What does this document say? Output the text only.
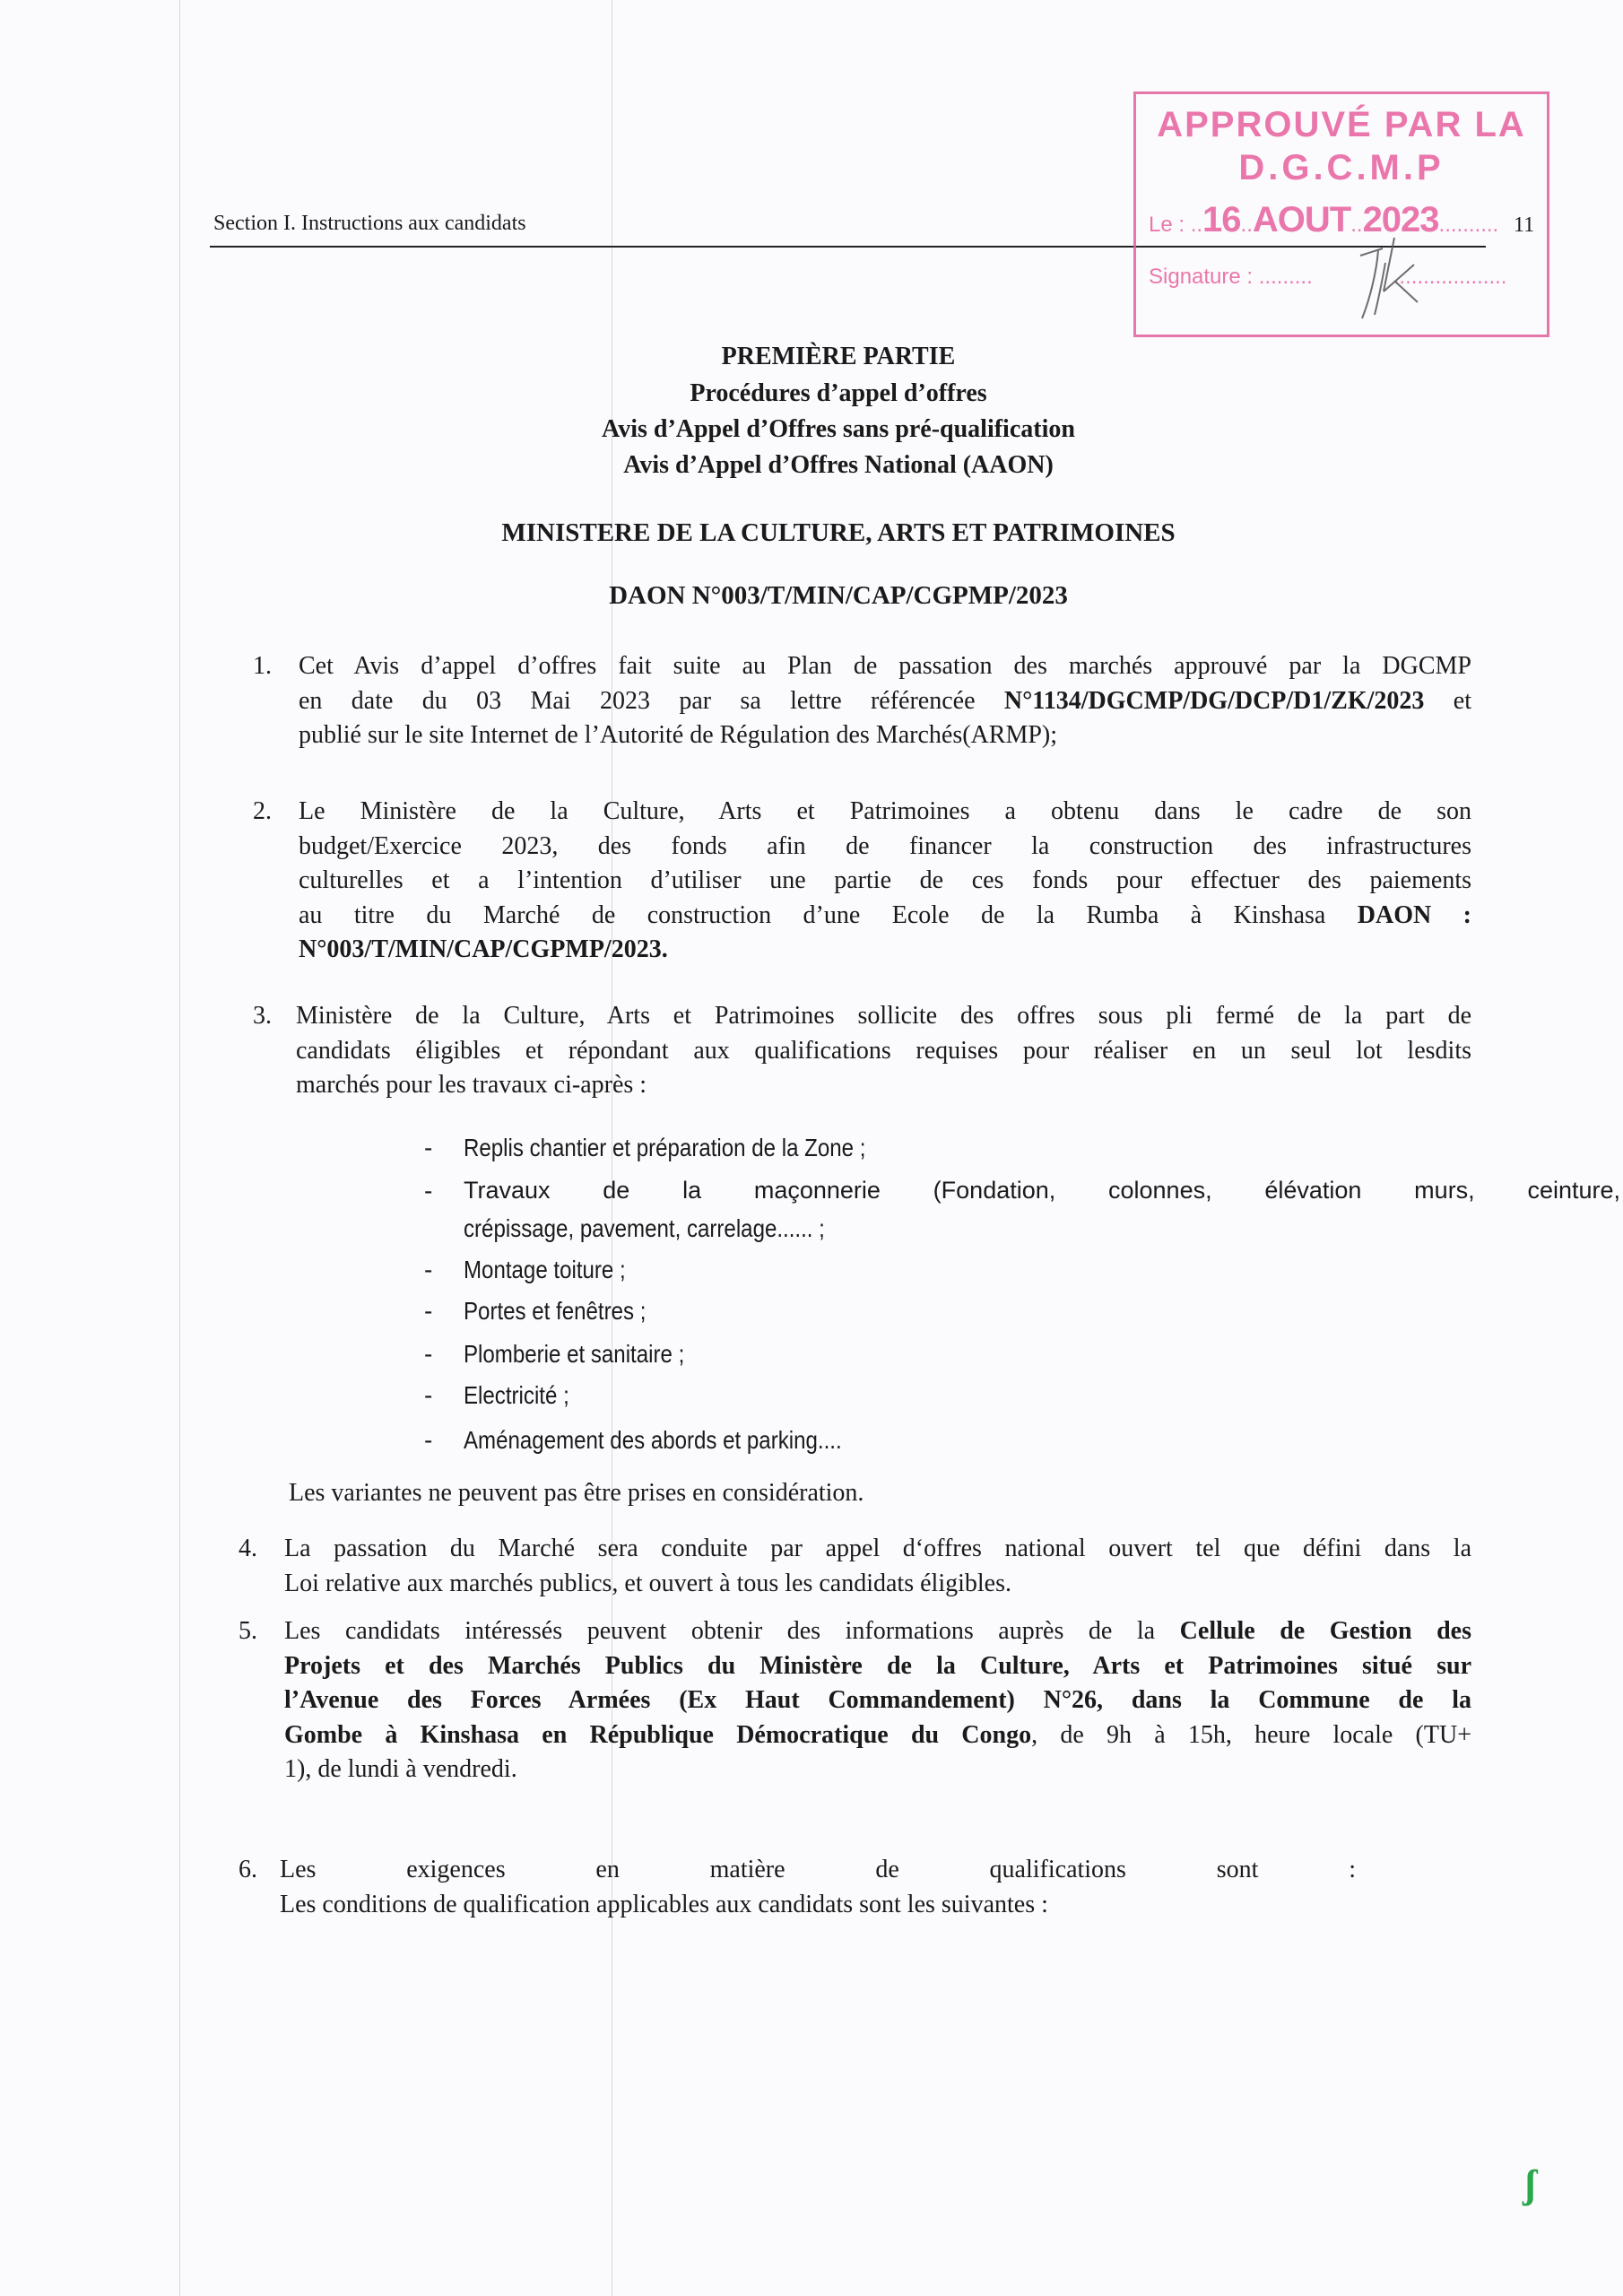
Section I. Instructions aux candidats
APPROUVÉ PAR LA
D.G.C.M.P
Le : ..16..AOUT..2023..........
Signature : .........	...................
11
PREMIÈRE PARTIE
Procédures d’appel d’offres
Avis d’Appel d’Offres sans pré-qualification
Avis d’Appel d’Offres National (AAON)
MINISTERE DE LA CULTURE, ARTS ET PATRIMOINES
DAON N°003/T/MIN/CAP/CGPMP/2023
1. Cet Avis d’appel d’offres fait suite au Plan de passation des marchés approuvé par la DGCMP
en date du 03 Mai 2023 par sa lettre référencée N°1134/DGCMP/DG/DCP/D1/ZK/2023 et
publié sur le site Internet de l’Autorité de Régulation des Marchés(ARMP);
2. Le Ministère de la Culture, Arts et Patrimoines a obtenu dans le cadre de son
budget/Exercice 2023, des fonds afin de financer la construction des infrastructures
culturelles et a l’intention d’utiliser une partie de ces fonds pour effectuer des paiements
au titre du Marché de construction d’une Ecole de la Rumba à Kinshasa DAON :
N°003/T/MIN/CAP/CGPMP/2023.
3. Ministère de la Culture, Arts et Patrimoines sollicite des offres sous pli fermé de la part de
candidats éligibles et répondant aux qualifications requises pour réaliser en un seul lot lesdits
marchés pour les travaux ci-après :
Les variantes ne peuvent pas être prises en considération.
4. La passation du Marché sera conduite par appel d‘offres national ouvert tel que défini dans la
Loi relative aux marchés publics, et ouvert à tous les candidats éligibles.
5. Les candidats intéressés peuvent obtenir des informations auprès de la Cellule de Gestion des
Projets et des Marchés Publics du Ministère de la Culture, Arts et Patrimoines situé sur
l’Avenue des Forces Armées (Ex Haut Commandement) N°26, dans la Commune de la
Gombe à Kinshasa en République Démocratique du Congo, de 9h à 15h, heure locale (TU+
1), de lundi à vendredi.
6. Les exigences en matière de qualifications sont :
Les conditions de qualification applicables aux candidats sont les suivantes :
- Replis chantier et préparation de la Zone ;
- Travaux de la maçonnerie (Fondation, colonnes, élévation murs, ceinture,
crépissage, pavement, carrelage...... ;
- Montage toiture ;
- Portes et fenêtres ;
- Plomberie et sanitaire ;
- Electricité ;
- Aménagement des abords et parking....
ʃ
